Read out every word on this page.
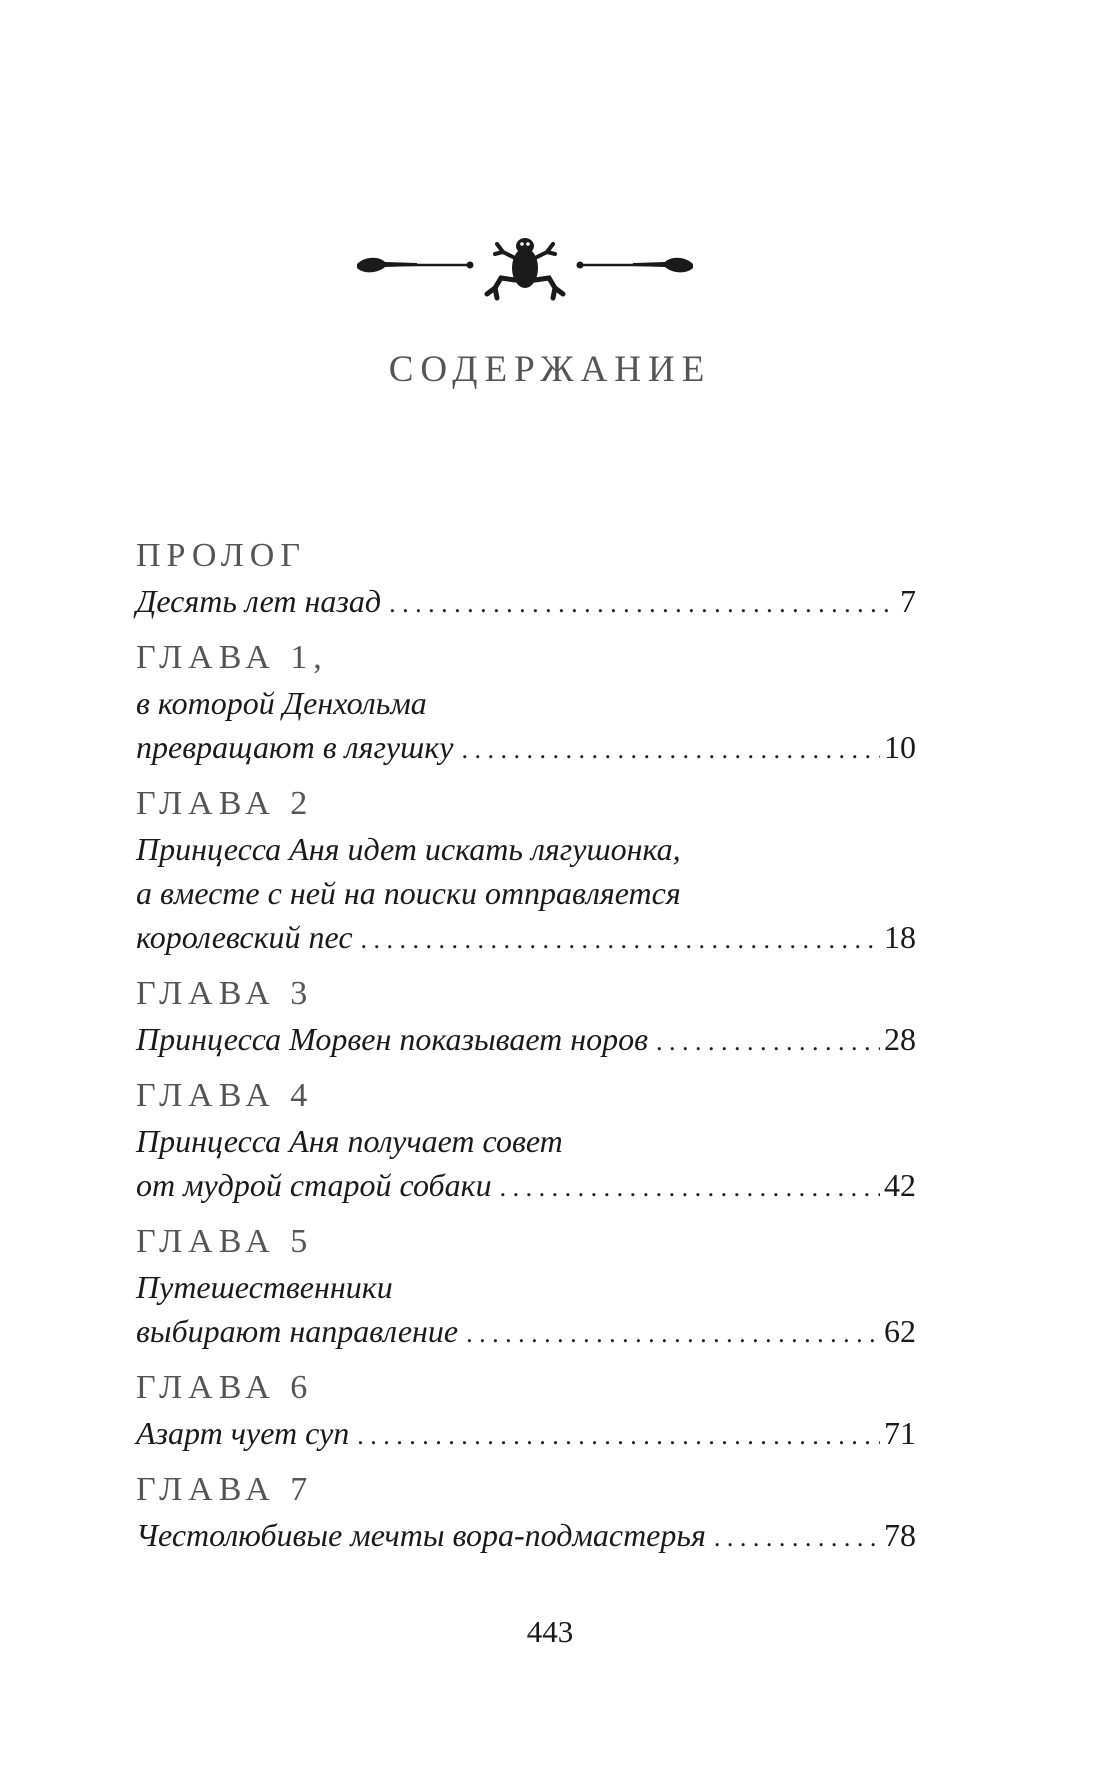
СОДЕРЖАНИЕ
ПРОЛОГ
Десять лет назад . . .	7
ГЛАВА 1,
в которой Денхольма
превращают в лягушку . . .	10
ГЛАВА 2
Принцесса Аня идет искать лягушонка,
а вместе с ней на поиски отправляется
королевский пес . . .	18
ГЛАВА 3
Принцесса Морвен показывает норов . . .	28
ГЛАВА 4
Принцесса Аня получает совет
от мудрой старой собаки . . .	42
ГЛАВА 5
Путешественники
выбирают направление . . .	62
ГЛАВА 6
Азарт чует суп . . .	71
ГЛАВА 7
Честолюбивые мечты вора-подмастерья . . .	78
443
